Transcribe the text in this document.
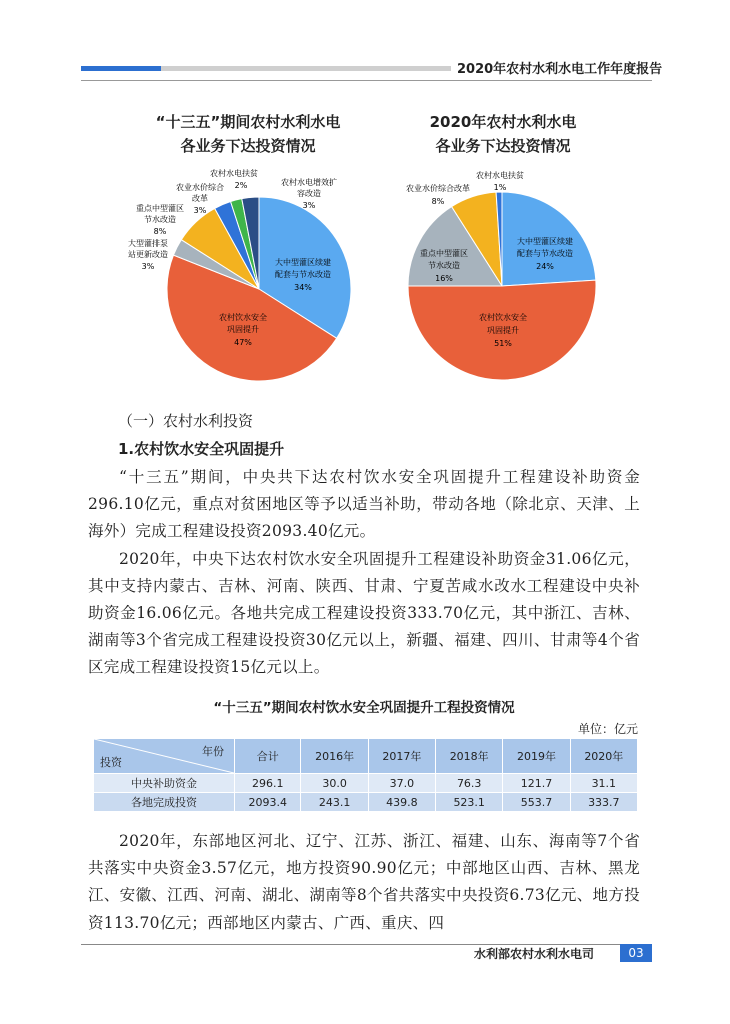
2020年农村水利水电工作年度报告
“十三五”期间农村水利水电
各业务下达投资情况
2020年农村水利水电
各业务下达投资情况
农村水电扶贫
2%	农村水电增效扩
容改造
3%
农业水价综合
改革
3%
重点中型灌区
节水改造
8%
大型灌排泵
站更新改造
3%	大中型灌区续建
配套与节水改造
34%
农村饮水安全
巩固提升
47%
农村水电扶贫
1%
农业水价综合改革
8%
重点中型灌区
节水改造
16%
大中型灌区续建
配套与节水改造
24%
农村饮水安全
巩固提升
51%
（一）农村水利投资
1.农村饮水安全巩固提升

“十三五”期间，中央共下达农村饮水安全巩固提升工程建设补助资金296.10亿元，重点对贫困地区等予以适当补助，带动各地（除北京、天津、上海外）完成工程建设投资2093.40亿元。

2020年，中央下达农村饮水安全巩固提升工程建设补助资金31.06亿元，其中支持内蒙古、吉林、河南、陕西、甘肃、宁夏苦咸水改水工程建设中央补助资金16.06亿元。各地共完成工程建设投资333.70亿元，其中浙江、吉林、湖南等3个省完成工程建设投资30亿元以上，新疆、福建、四川、甘肃等4个省区完成工程建设投资15亿元以上。

“十三五”期间农村饮水安全巩固提升工程投资情况
单位：亿元
年份
投资	合计	2016年	2017年	2018年	2019年	2020年
中央补助资金	296.1	30.0	37.0	76.3	121.7	31.1
各地完成投资	2093.4	243.1	439.8	523.1	553.7	333.7

2020年，东部地区河北、辽宁、江苏、浙江、福建、山东、海南等7个省共落实中央资金3.57亿元，地方投资90.90亿元；中部地区山西、吉林、黑龙江、安徽、江西、河南、湖北、湖南等8个省共落实中央投资6.73亿元、地方投资113.70亿元；西部地区内蒙古、广西、重庆、四

水利部农村水利水电司	03
